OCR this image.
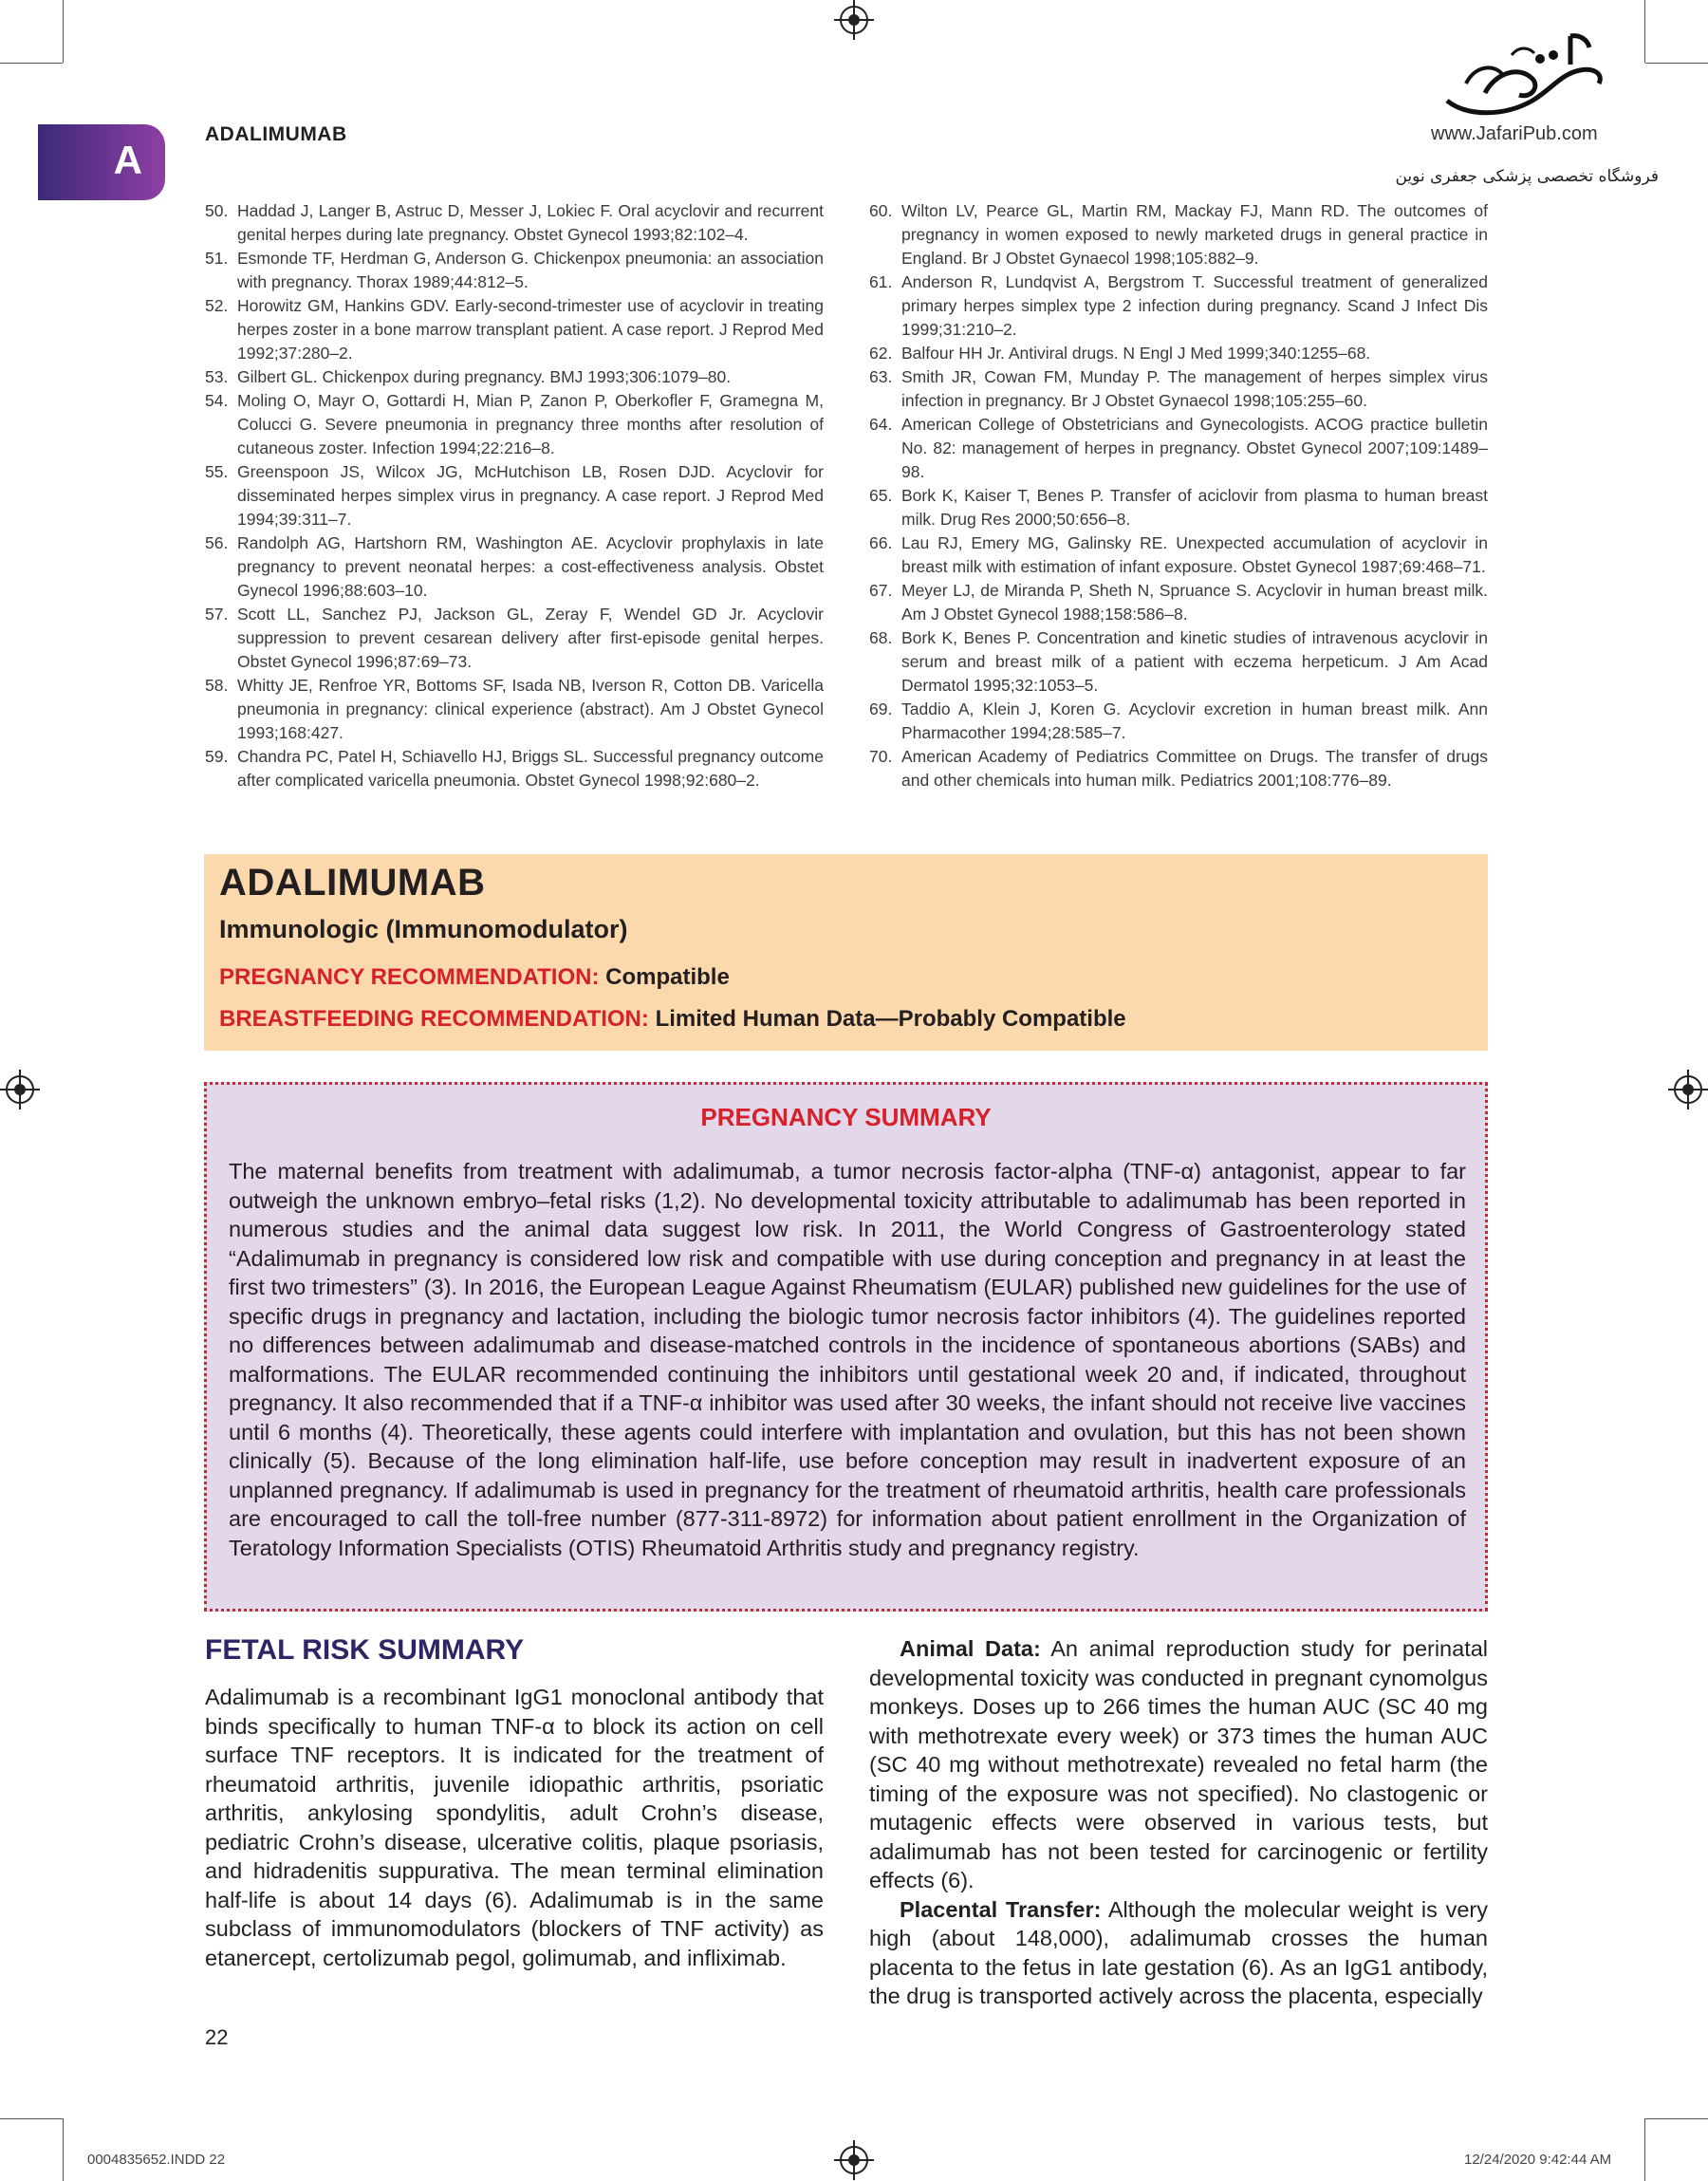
A
ADALIMUMAB	www.JafariPub.com
فروشگاه تخصصی پزشکی جعفری نوین
50. Haddad J, Langer B, Astruc D, Messer J, Lokiec F. Oral acyclovir and recurrent genital herpes during late pregnancy. Obstet Gynecol 1993;82:102–4.
51. Esmonde TF, Herdman G, Anderson G. Chickenpox pneumonia: an association with pregnancy. Thorax 1989;44:812–5.
52. Horowitz GM, Hankins GDV. Early-second-trimester use of acyclovir in treating herpes zoster in a bone marrow transplant patient. A case report. J Reprod Med 1992;37:280–2.
53. Gilbert GL. Chickenpox during pregnancy. BMJ 1993;306:1079–80.
54. Moling O, Mayr O, Gottardi H, Mian P, Zanon P, Oberkofler F, Gramegna M, Colucci G. Severe pneumonia in pregnancy three months after resolution of cutaneous zoster. Infection 1994;22:216–8.
55. Greenspoon JS, Wilcox JG, McHutchison LB, Rosen DJD. Acyclovir for disseminated herpes simplex virus in pregnancy. A case report. J Reprod Med 1994;39:311–7.
56. Randolph AG, Hartshorn RM, Washington AE. Acyclovir prophylaxis in late pregnancy to prevent neonatal herpes: a cost-effectiveness analysis. Obstet Gynecol 1996;88:603–10.
57. Scott LL, Sanchez PJ, Jackson GL, Zeray F, Wendel GD Jr. Acyclovir suppression to prevent cesarean delivery after first-episode genital herpes. Obstet Gynecol 1996;87:69–73.
58. Whitty JE, Renfroe YR, Bottoms SF, Isada NB, Iverson R, Cotton DB. Varicella pneumonia in pregnancy: clinical experience (abstract). Am J Obstet Gynecol 1993;168:427.
59. Chandra PC, Patel H, Schiavello HJ, Briggs SL. Successful pregnancy outcome after complicated varicella pneumonia. Obstet Gynecol 1998;92:680–2.
60. Wilton LV, Pearce GL, Martin RM, Mackay FJ, Mann RD. The outcomes of pregnancy in women exposed to newly marketed drugs in general practice in England. Br J Obstet Gynaecol 1998;105:882–9.
61. Anderson R, Lundqvist A, Bergstrom T. Successful treatment of generalized primary herpes simplex type 2 infection during pregnancy. Scand J Infect Dis 1999;31:210–2.
62. Balfour HH Jr. Antiviral drugs. N Engl J Med 1999;340:1255–68.
63. Smith JR, Cowan FM, Munday P. The management of herpes simplex virus infection in pregnancy. Br J Obstet Gynaecol 1998;105:255–60.
64. American College of Obstetricians and Gynecologists. ACOG practice bulletin No. 82: management of herpes in pregnancy. Obstet Gynecol 2007;109:1489–98.
65. Bork K, Kaiser T, Benes P. Transfer of aciclovir from plasma to human breast milk. Drug Res 2000;50:656–8.
66. Lau RJ, Emery MG, Galinsky RE. Unexpected accumulation of acyclovir in breast milk with estimation of infant exposure. Obstet Gynecol 1987;69:468–71.
67. Meyer LJ, de Miranda P, Sheth N, Spruance S. Acyclovir in human breast milk. Am J Obstet Gynecol 1988;158:586–8.
68. Bork K, Benes P. Concentration and kinetic studies of intravenous acyclovir in serum and breast milk of a patient with eczema herpeticum. J Am Acad Dermatol 1995;32:1053–5.
69. Taddio A, Klein J, Koren G. Acyclovir excretion in human breast milk. Ann Pharmacother 1994;28:585–7.
70. American Academy of Pediatrics Committee on Drugs. The transfer of drugs and other chemicals into human milk. Pediatrics 2001;108:776–89.
ADALIMUMAB
Immunologic (Immunomodulator)
PREGNANCY RECOMMENDATION: Compatible
BREASTFEEDING RECOMMENDATION: Limited Human Data—Probably Compatible
PREGNANCY SUMMARY

The maternal benefits from treatment with adalimumab, a tumor necrosis factor-alpha (TNF-α) antagonist, appear to far outweigh the unknown embryo–fetal risks (1,2). No developmental toxicity attributable to adalimumab has been reported in numerous studies and the animal data suggest low risk. In 2011, the World Congress of Gastroenterology stated “Adalimumab in pregnancy is considered low risk and compatible with use during conception and pregnancy in at least the first two trimesters” (3). In 2016, the European League Against Rheumatism (EULAR) published new guidelines for the use of specific drugs in pregnancy and lactation, including the biologic tumor necrosis factor inhibitors (4). The guidelines reported no differences between adalimumab and disease-matched controls in the incidence of spontaneous abortions (SABs) and malformations. The EULAR recommended continuing the inhibitors until gestational week 20 and, if indicated, throughout pregnancy. It also recommended that if a TNF-α inhibitor was used after 30 weeks, the infant should not receive live vaccines until 6 months (4). Theoretically, these agents could interfere with implantation and ovulation, but this has not been shown clinically (5). Because of the long elimination half-life, use before conception may result in inadvertent exposure of an unplanned pregnancy. If adalimumab is used in pregnancy for the treatment of rheumatoid arthritis, health care professionals are encouraged to call the toll-free number (877-311-8972) for information about patient enrollment in the Organization of Teratology Information Specialists (OTIS) Rheumatoid Arthritis study and pregnancy registry.

FETAL RISK SUMMARY
Adalimumab is a recombinant IgG1 monoclonal antibody that binds specifically to human TNF-α to block its action on cell surface TNF receptors. It is indicated for the treatment of rheumatoid arthritis, juvenile idiopathic arthritis, psoriatic arthritis, ankylosing spondylitis, adult Crohn’s disease, pediatric Crohn’s disease, ulcerative colitis, plaque psoriasis, and hidradenitis suppurativa. The mean terminal elimination half-life is about 14 days (6). Adalimumab is in the same subclass of immunomodulators (blockers of TNF activity) as etanercept, certolizumab pegol, golimumab, and infliximab.

Animal Data: An animal reproduction study for perinatal developmental toxicity was conducted in pregnant cynomolgus monkeys. Doses up to 266 times the human AUC (SC 40 mg with methotrexate every week) or 373 times the human AUC (SC 40 mg without methotrexate) revealed no fetal harm (the timing of the exposure was not specified). No clastogenic or mutagenic effects were observed in various tests, but adalimumab has not been tested for carcinogenic or fertility effects (6).

Placental Transfer: Although the molecular weight is very high (about 148,000), adalimumab crosses the human placenta to the fetus in late gestation (6). As an IgG1 antibody, the drug is transported actively across the placenta, especially

22
0004835652.INDD 22	12/24/2020 9:42:44 AM
